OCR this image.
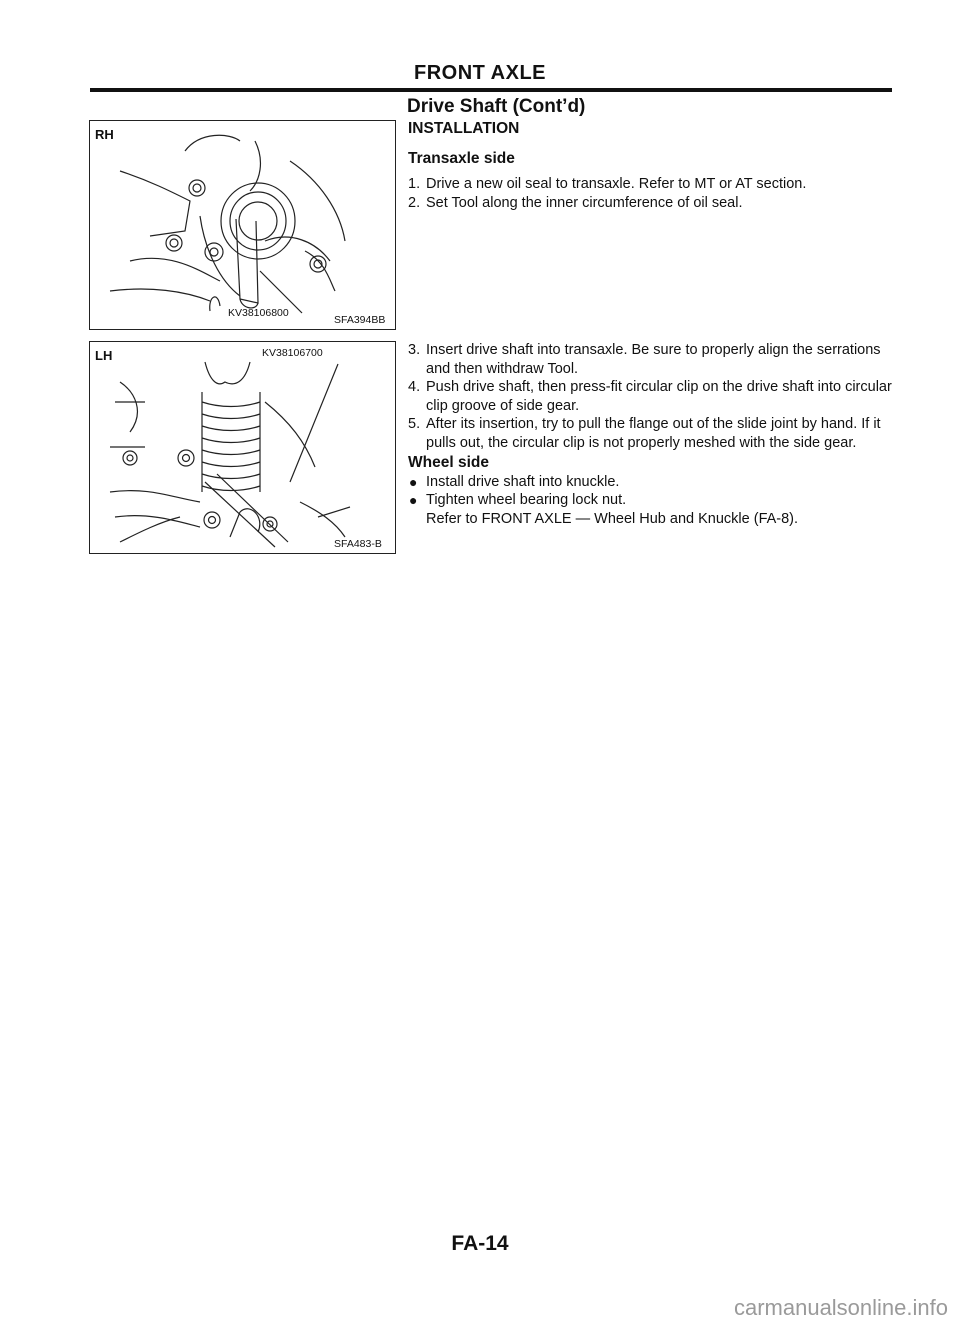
FRONT AXLE
Drive Shaft (Cont’d)
INSTALLATION
Transaxle side
1. Drive a new oil seal to transaxle. Refer to MT or AT section.
2. Set Tool along the inner circumference of oil seal.
3. Insert drive shaft into transaxle. Be sure to properly align the serrations and then withdraw Tool.
4. Push drive shaft, then press-fit circular clip on the drive shaft into circular clip groove of side gear.
5. After its insertion, try to pull the flange out of the slide joint by hand. If it pulls out, the circular clip is not properly meshed with the side gear.
Wheel side
● Install drive shaft into knuckle.
● Tighten wheel bearing lock nut.
Refer to FRONT AXLE — Wheel Hub and Knuckle (FA-8).
RH
KV38106800
SFA394BB
LH	KV38106700
SFA483-B
FA-14
carmanualsonline.info
